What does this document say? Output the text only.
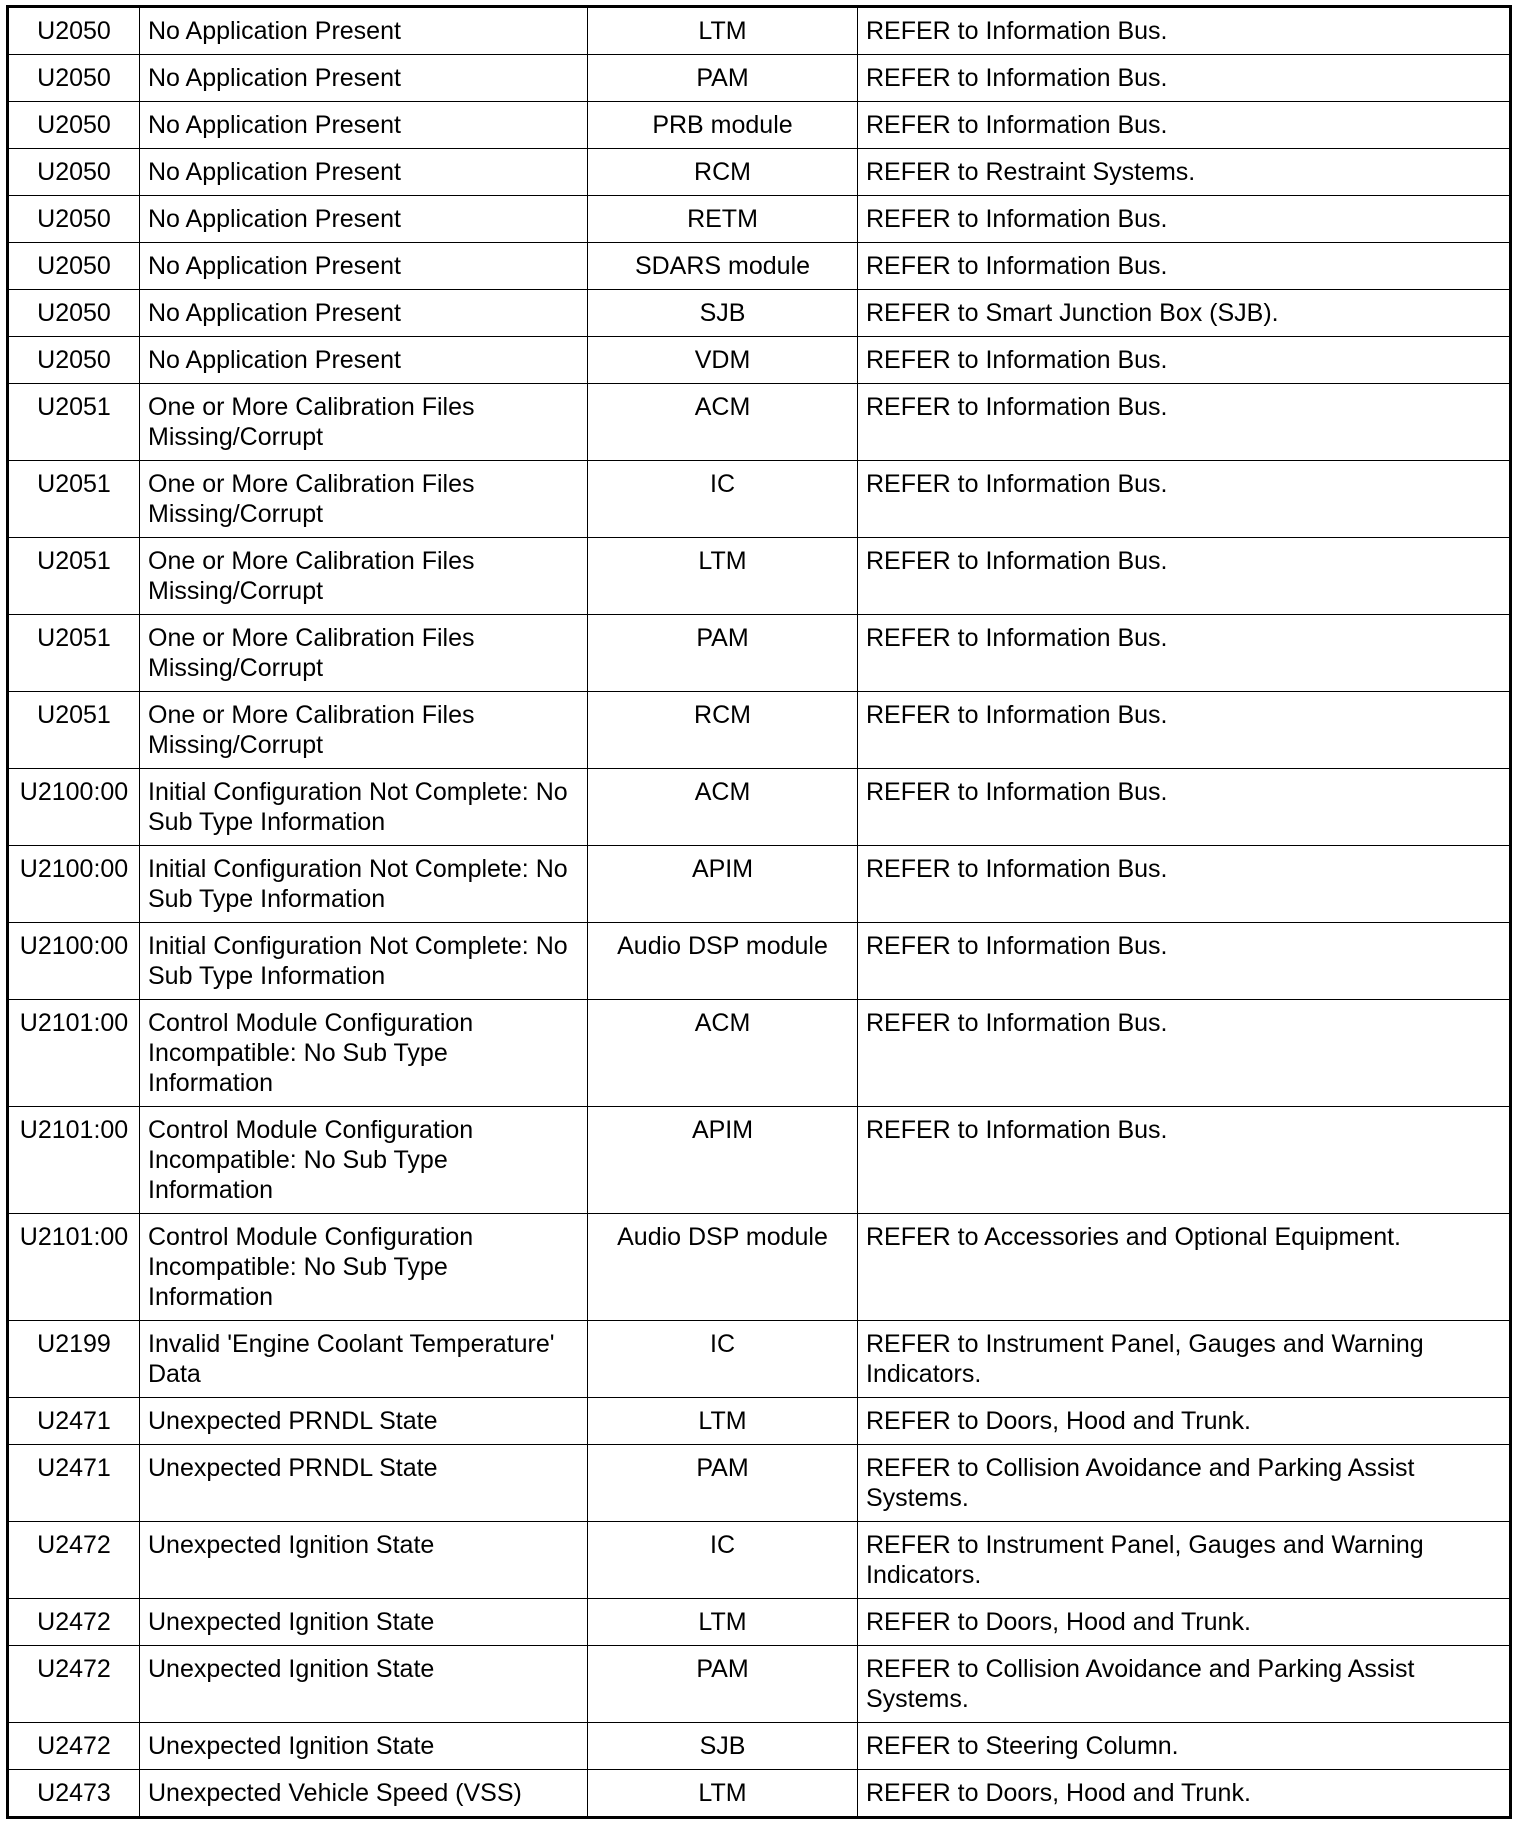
U2050	No Application Present	LTM	REFER to Information Bus.
U2050	No Application Present	PAM	REFER to Information Bus.
U2050	No Application Present	PRB module	REFER to Information Bus.
U2050	No Application Present	RCM	REFER to Restraint Systems.
U2050	No Application Present	RETM	REFER to Information Bus.
U2050	No Application Present	SDARS module	REFER to Information Bus.
U2050	No Application Present	SJB	REFER to Smart Junction Box (SJB).
U2050	No Application Present	VDM	REFER to Information Bus.
U2051	One or More Calibration Files Missing/Corrupt	ACM	REFER to Information Bus.
U2051	One or More Calibration Files Missing/Corrupt	IC	REFER to Information Bus.
U2051	One or More Calibration Files Missing/Corrupt	LTM	REFER to Information Bus.
U2051	One or More Calibration Files Missing/Corrupt	PAM	REFER to Information Bus.
U2051	One or More Calibration Files Missing/Corrupt	RCM	REFER to Information Bus.
U2100:00	Initial Configuration Not Complete: No Sub Type Information	ACM	REFER to Information Bus.
U2100:00	Initial Configuration Not Complete: No Sub Type Information	APIM	REFER to Information Bus.
U2100:00	Initial Configuration Not Complete: No Sub Type Information	Audio DSP module	REFER to Information Bus.
U2101:00	Control Module Configuration Incompatible: No Sub Type Information	ACM	REFER to Information Bus.
U2101:00	Control Module Configuration Incompatible: No Sub Type Information	APIM	REFER to Information Bus.
U2101:00	Control Module Configuration Incompatible: No Sub Type Information	Audio DSP module	REFER to Accessories and Optional Equipment.
U2199	Invalid 'Engine Coolant Temperature' Data	IC	REFER to Instrument Panel, Gauges and Warning Indicators.
U2471	Unexpected PRNDL State	LTM	REFER to Doors, Hood and Trunk.
U2471	Unexpected PRNDL State	PAM	REFER to Collision Avoidance and Parking Assist Systems.
U2472	Unexpected Ignition State	IC	REFER to Instrument Panel, Gauges and Warning Indicators.
U2472	Unexpected Ignition State	LTM	REFER to Doors, Hood and Trunk.
U2472	Unexpected Ignition State	PAM	REFER to Collision Avoidance and Parking Assist Systems.
U2472	Unexpected Ignition State	SJB	REFER to Steering Column.
U2473	Unexpected Vehicle Speed (VSS)	LTM	REFER to Doors, Hood and Trunk.
